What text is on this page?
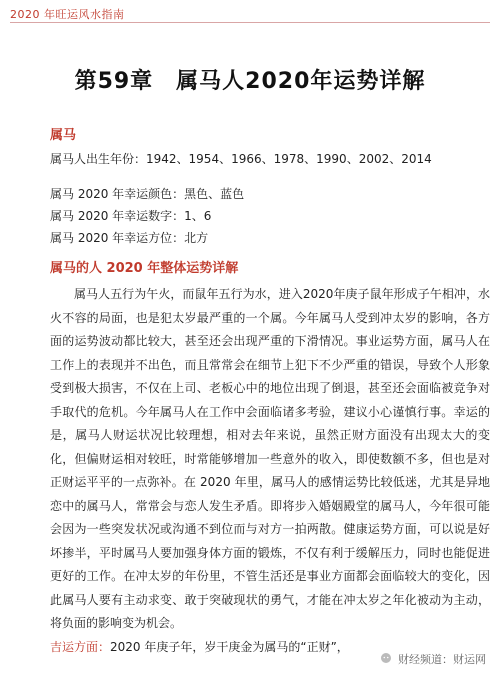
2020 年旺运风水指南
第59章　属马人2020年运势详解
属马
属马人出生年份：1942、1954、1966、1978、1990、2002、2014
属马 2020 年幸运颜色：黑色、蓝色
属马 2020 年幸运数字：1、6
属马 2020 年幸运方位：北方
属马的人 2020 年整体运势详解
属马人五行为午火，而鼠年五行为水，进入2020年庚子鼠年形成子午相冲，水火不容的局面，也是犯太岁最严重的一个属。今年属马人受到冲太岁的影响，各方面的运势波动都比较大，甚至还会出现严重的下滑情况。事业运势方面，属马人在工作上的表现并不出色，而且常常会在细节上犯下不少严重的错误，导致个人形象受到极大损害，不仅在上司、老板心中的地位出现了倒退，甚至还会面临被竞争对手取代的危机。今年属马人在工作中会面临诸多考验，建议小心谨慎行事。幸运的是，属马人财运状况比较理想，相对去年来说，虽然正财方面没有出现太大的变化，但偏财运相对较旺，时常能够增加一些意外的收入，即使数额不多，但也是对正财运平平的一点弥补。在 2020 年里，属马人的感情运势比较低迷，尤其是异地恋中的属马人，常常会与恋人发生矛盾。即将步入婚姻殿堂的属马人，今年很可能会因为一些突发状况或沟通不到位而与对方一拍两散。健康运势方面，可以说是好坏掺半，平时属马人要加强身体方面的锻炼，不仅有利于缓解压力，同时也能促进更好的工作。在冲太岁的年份里，不管生活还是事业方面都会面临较大的变化，因此属马人要有主动求变、敢于突破现状的勇气，才能在冲太岁之年化被动为主动，将负面的影响变为机会。
吉运方面：2020 年庚子年，岁干庚金为属马的“正财”，
财经频道：财运网
